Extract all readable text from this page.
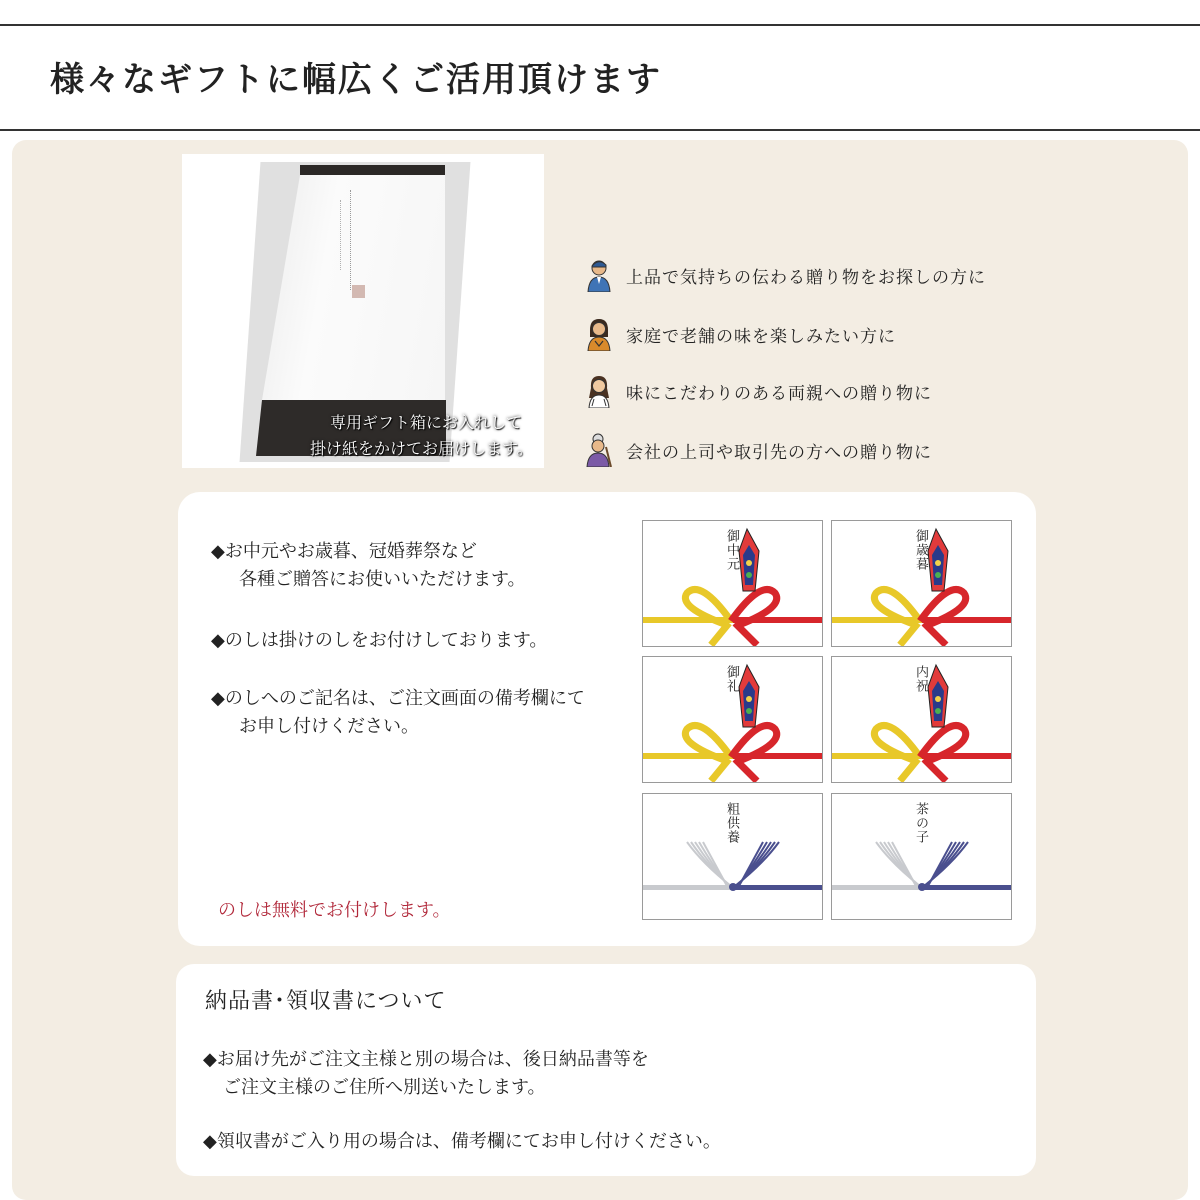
様々なギフトに幅広くご活用頂けます
専用ギフト箱にお入れして
掛け紙をかけてお届けします。
上品で気持ちの伝わる贈り物をお探しの方に
家庭で老舗の味を楽しみたい方に
味にこだわりのある両親への贈り物に
会社の上司や取引先の方への贈り物に
◆お中元やお歳暮、冠婚葬祭など
各種ご贈答にお使いいただけます。
◆のしは掛けのしをお付けしております。
◆のしへのご記名は、ご注文画面の備考欄にて
お申し付けください。
のしは無料でお付けします。
御中元	御歳暮
御礼	内祝
粗供養	茶の子
納品書･領収書について
◆お届け先がご注文主様と別の場合は、後日納品書等を
ご注文主様のご住所へ別送いたします。
◆領収書がご入り用の場合は、備考欄にてお申し付けください。
